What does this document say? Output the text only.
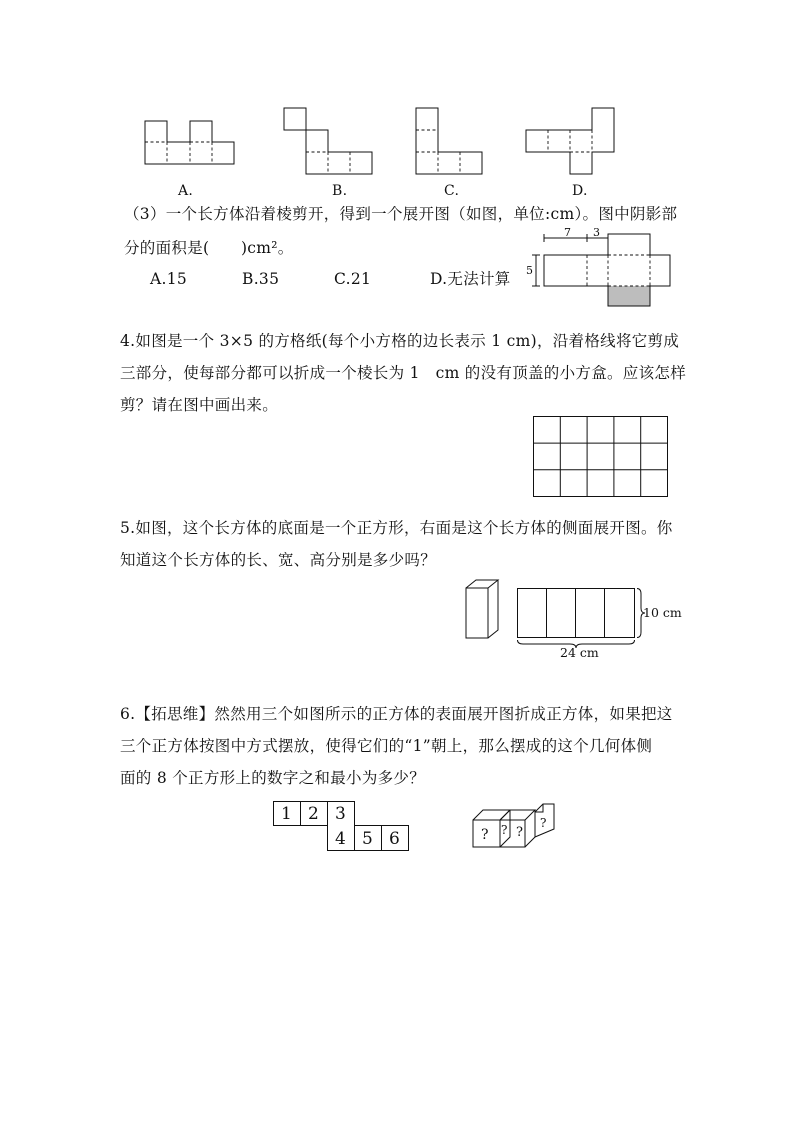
A.	B.	C.	D.
（3）一个长方体沿着棱剪开，得到一个展开图（如图，单位:cm）。图中阴影部
分的面积是(　　)cm²。
A.15	B.35	C.21	D.无法计算
7 3
5
4.如图是一个 3×5 的方格纸(每个小方格的边长表示 1 cm)，沿着格线将它剪成
三部分，使每部分都可以折成一个棱长为 1　cm 的没有顶盖的小方盒。应该怎样
剪？请在图中画出来。
5.如图，这个长方体的底面是一个正方形，右面是这个长方体的侧面展开图。你
知道这个长方体的长、宽、高分别是多少吗？
10 cm
24 cm
6.【拓思维】然然用三个如图所示的正方体的表面展开图折成正方体，如果把这
三个正方体按图中方式摆放，使得它们的“1”朝上，那么摆成的这个几何体侧
面的 8 个正方形上的数字之和最小为多少？
1 2 3
4 5 6	? ? ?
?
